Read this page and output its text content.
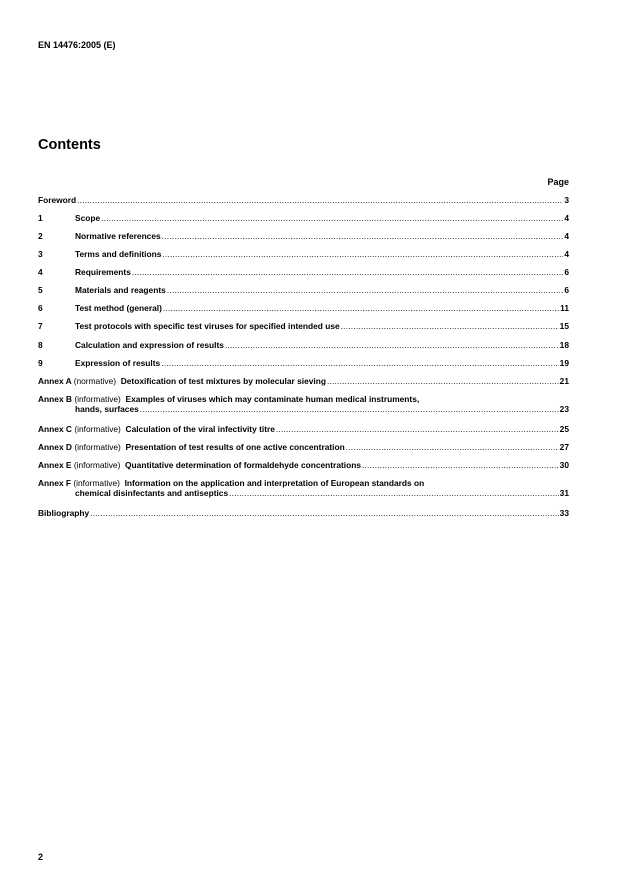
EN 14476:2005 (E)
Contents
Page
Foreword .....	3
1	Scope .....	4
2	Normative references .....	4
3	Terms and definitions .....	4
4	Requirements .....	6
5	Materials and reagents .....	6
6	Test method (general) .....	11
7	Test protocols with specific test viruses for specified intended use .....	15
8	Calculation and expression of results .....	18
9	Expression of results .....	19
Annex A (normative) Detoxification of test mixtures by molecular sieving .....	21
Annex B (informative) Examples of viruses which may contaminate human medical instruments,
hands, surfaces .....	23
Annex C (informative) Calculation of the viral infectivity titre .....	25
Annex D (informative) Presentation of test results of one active concentration .....	27
Annex E (informative) Quantitative determination of formaldehyde concentrations .....	30
Annex F (informative) Information on the application and interpretation of European standards on
chemical disinfectants and antiseptics .....	31
Bibliography .....	33
2
